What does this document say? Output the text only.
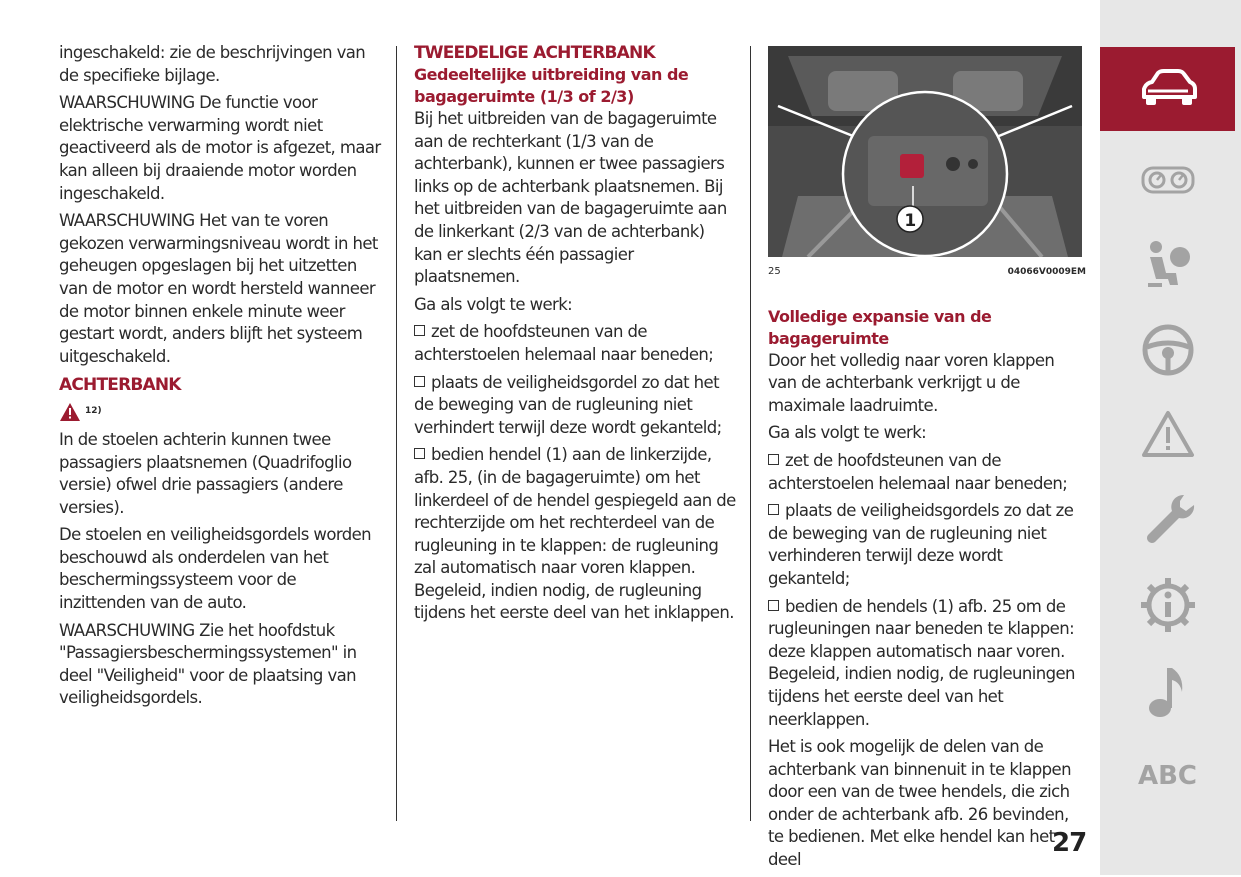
ingeschakeld: zie de beschrijvingen van de specifieke bijlage.

WAARSCHUWING De functie voor elektrische verwarming wordt niet geactiveerd als de motor is afgezet, maar kan alleen bij draaiende motor worden ingeschakeld.

WAARSCHUWING Het van te voren gekozen verwarmingsniveau wordt in het geheugen opgeslagen bij het uitzetten van de motor en wordt hersteld wanneer de motor binnen enkele minute weer gestart wordt, anders blijft het systeem uitgeschakeld.

ACHTERBANK
12)

In de stoelen achterin kunnen twee passagiers plaatsnemen (Quadrifoglio versie) ofwel drie passagiers (andere versies).

De stoelen en veiligheidsgordels worden beschouwd als onderdelen van het beschermingssysteem voor de inzittenden van de auto.

WAARSCHUWING Zie het hoofdstuk "Passagiersbeschermingssystemen" in deel "Veiligheid" voor de plaatsing van veiligheidsgordels.

TWEEDELIGE ACHTERBANK
Gedeeltelijke uitbreiding van de bagageruimte (1/3 of 2/3)

Bij het uitbreiden van de bagageruimte aan de rechterkant (1/3 van de achterbank), kunnen er twee passagiers links op de achterbank plaatsnemen. Bij het uitbreiden van de bagageruimte aan de linkerkant (2/3 van de achterbank) kan er slechts één passagier plaatsnemen.

Ga als volgt te werk:

zet de hoofdsteunen van de achterstoelen helemaal naar beneden;

plaats de veiligheidsgordel zo dat het de beweging van de rugleuning niet verhindert terwijl deze wordt gekanteld;

bedien hendel (1) aan de linkerzijde, afb. 25, (in de bagageruimte) om het linkerdeel of de hendel gespiegeld aan de rechterzijde om het rechterdeel van de rugleuning in te klappen: de rugleuning zal automatisch naar voren klappen. Begeleid, indien nodig, de rugleuning tijdens het eerste deel van het inklappen.

1
25	04066V0009EM
Volledige expansie van de bagageruimte

Door het volledig naar voren klappen van de achterbank verkrijgt u de maximale laadruimte.

Ga als volgt te werk:

zet de hoofdsteunen van de achterstoelen helemaal naar beneden;

plaats de veiligheidsgordels zo dat ze de beweging van de rugleuning niet verhinderen terwijl deze wordt gekanteld;

bedien de hendels (1) afb. 25 om de rugleuningen naar beneden te klappen: deze klappen automatisch naar voren. Begeleid, indien nodig, de rugleuningen tijdens het eerste deel van het neerklappen.

Het is ook mogelijk de delen van de achterbank van binnenuit in te klappen door een van de twee hendels, die zich onder de achterbank afb. 26 bevinden, te bedienen. Met elke hendel kan het deel

27
ABC
